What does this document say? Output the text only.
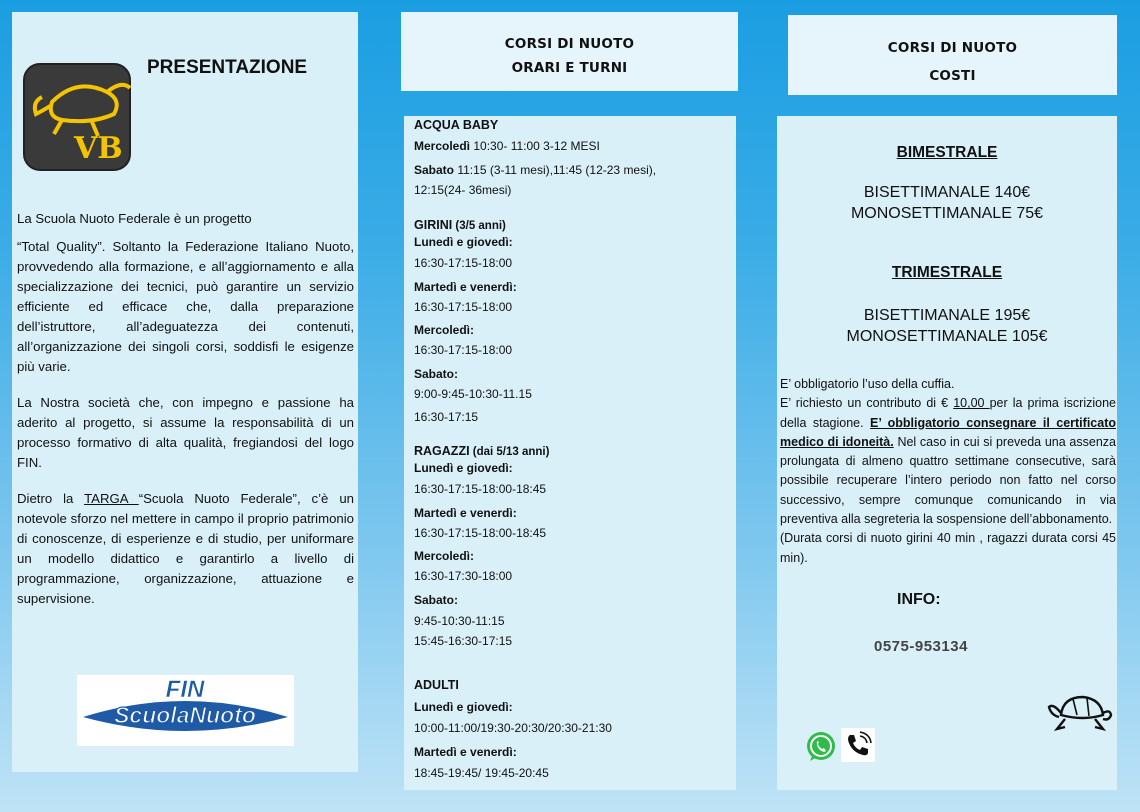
VB
PRESENTAZIONE

La Scuola Nuoto Federale è un progetto

“Total Quality”. Soltanto la Federazione Italiano Nuoto, provvedendo alla formazione, e all’aggiornamento e alla specializzazione dei tecnici, può garantire un servizio efficiente ed efficace che, dalla preparazione dell’istruttore, all’adeguatezza dei contenuti, all’organizzazione dei singoli corsi, soddisfi le esigenze più varie.

La Nostra società che, con impegno e passione ha aderito al progetto, si assume la responsabilità di un processo formativo di alta qualità, fregiandosi del logo FIN.

Dietro la TARGA “Scuola Nuoto Federale”, c’è un notevole sforzo nel mettere in campo il proprio patrimonio di conoscenze, di esperienze e di studio, per uniformare un modello didattico e garantirlo a livello di programmazione, organizzazione, attuazione e supervisione.

FIN
ScuolaNuoto
FEDERALE
CORSI DI NUOTO
ORARI E TURNI
ACQUA BABY
Mercoledì 10:30- 11:00 3-12 MESI
Sabato 11:15 (3-11 mesi),11:45 (12-23 mesi),
12:15(24- 36mesi)
GIRINI (3/5 anni)
Lunedì e giovedì:
16:30-17:15-18:00
Martedì e venerdì:
16:30-17:15-18:00
Mercoledì:
16:30-17:15-18:00
Sabato:
9:00-9:45-10:30-11.15
16:30-17:15
RAGAZZI (dai 5/13 anni)
Lunedì e giovedì:
16:30-17:15-18:00-18:45
Martedì e venerdì:
16:30-17:15-18:00-18:45
Mercoledì:
16:30-17:30-18:00
Sabato:
9:45-10:30-11:15
15:45-16:30-17:15
ADULTI
Lunedì e giovedì:
10:00-11:00/19:30-20:30/20:30-21:30
Martedì e venerdì:
18:45-19:45/ 19:45-20:45
CORSI DI NUOTO
COSTI
BIMESTRALE
BISETTIMANALE 140€
MONOSETTIMANALE 75€
TRIMESTRALE
BISETTIMANALE 195€
MONOSETTIMANALE 105€

E’ obbligatorio l’uso della cuffia.

E’ richiesto un contributo di € 10,00 per la prima iscrizione della stagione. E’ obbligatorio consegnare il certificato medico di idoneità. Nel caso in cui si preveda una assenza prolungata di almeno quattro settimane consecutive, sarà possibile recuperare l’intero periodo non fatto nel corso successivo, sempre comunque comunicando in via preventiva alla segreteria la sospensione dell’abbonamento.

(Durata corsi di nuoto girini 40 min , ragazzi durata corsi 45 min).

INFO:
0575-953134
